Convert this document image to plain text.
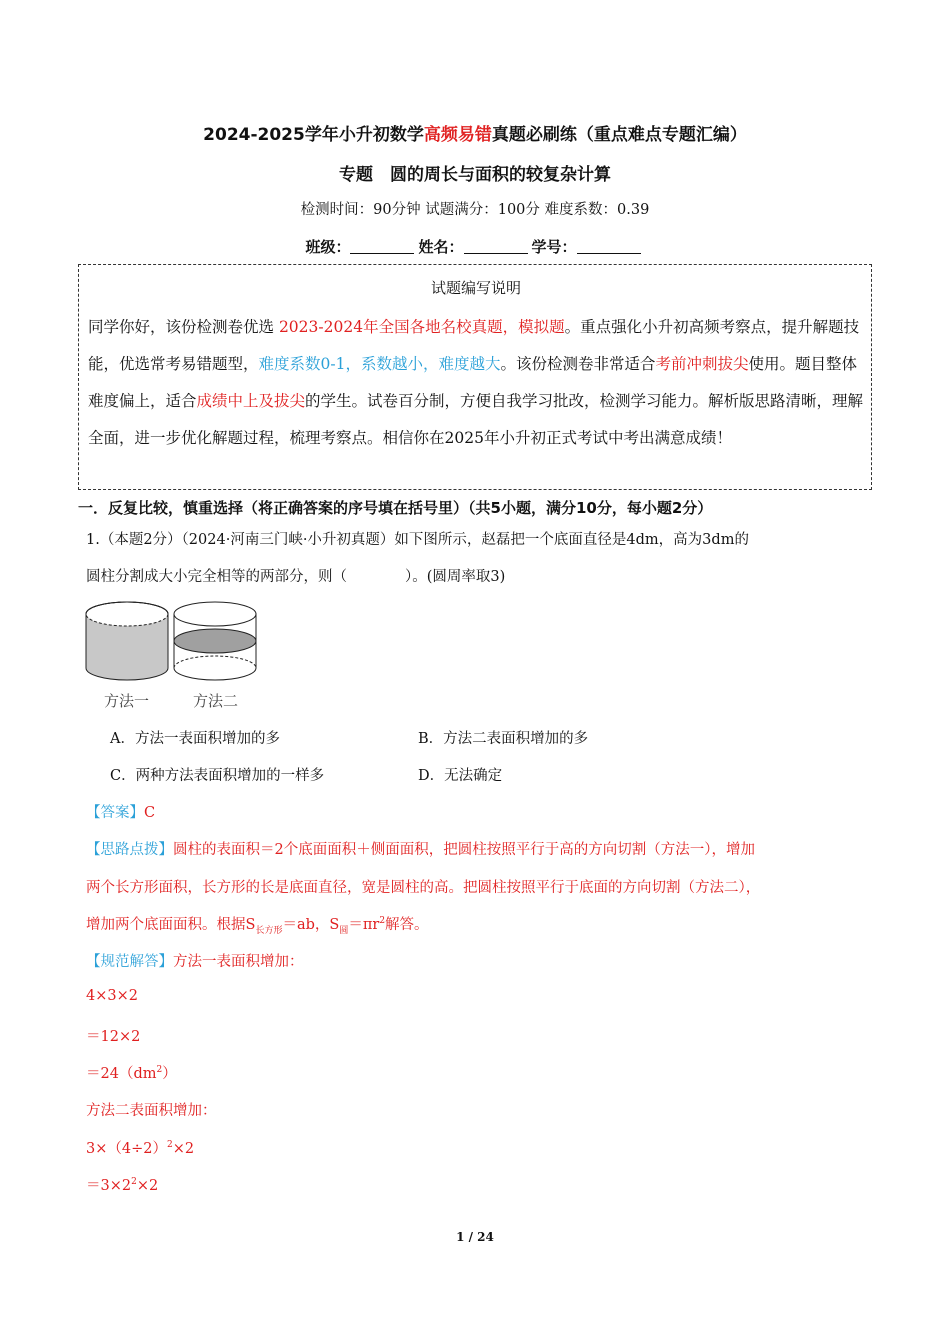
2024-2025学年小升初数学高频易错真题必刷练（重点难点专题汇编）
专题　圆的周长与面积的较复杂计算
检测时间：90分钟 试题满分：100分 难度系数：0.39
班级：	姓名：	学号：
试题编写说明
同学你好，该份检测卷优选 2023-2024年全国各地名校真题，模拟题。重点强化小升初高频考察点，提升解题技能，优选常考易错题型，难度系数0-1，系数越小，难度越大。该份检测卷非常适合考前冲刺拔尖使用。题目整体难度偏上，适合成绩中上及拔尖的学生。试卷百分制，方便自我学习批改，检测学习能力。解析版思路清晰，理解全面，进一步优化解题过程，梳理考察点。相信你在2025年小升初正式考试中考出满意成绩！
一．反复比较，慎重选择（将正确答案的序号填在括号里）（共5小题，满分10分，每小题2分）
1.（本题2分）（2024·河南三门峡·小升初真题）如下图所示，赵磊把一个底面直径是4dm，高为3dm的
圆柱分割成大小完全相等的两部分，则（　　　　）。(圆周率取3)
方法一	方法二
A．方法一表面积增加的多	B．方法二表面积增加的多
C．两种方法表面积增加的一样多	D．无法确定
【答案】C
【思路点拨】圆柱的表面积＝2个底面面积＋侧面面积，把圆柱按照平行于高的方向切割（方法一），增加
两个长方形面积，长方形的长是底面直径，宽是圆柱的高。把圆柱按照平行于底面的方向切割（方法二），
增加两个底面面积。根据$S_{长方形}=ab$，$S_圆=\pi r^2$解答。
【规范解答】方法一表面积增加：
4×3×2
＝12×2
$=24(dm^2)$
方法二表面积增加：
$3\times(4\div 2)^2\times 2$
$=3\times 2^2\times 2$
1 / 24
